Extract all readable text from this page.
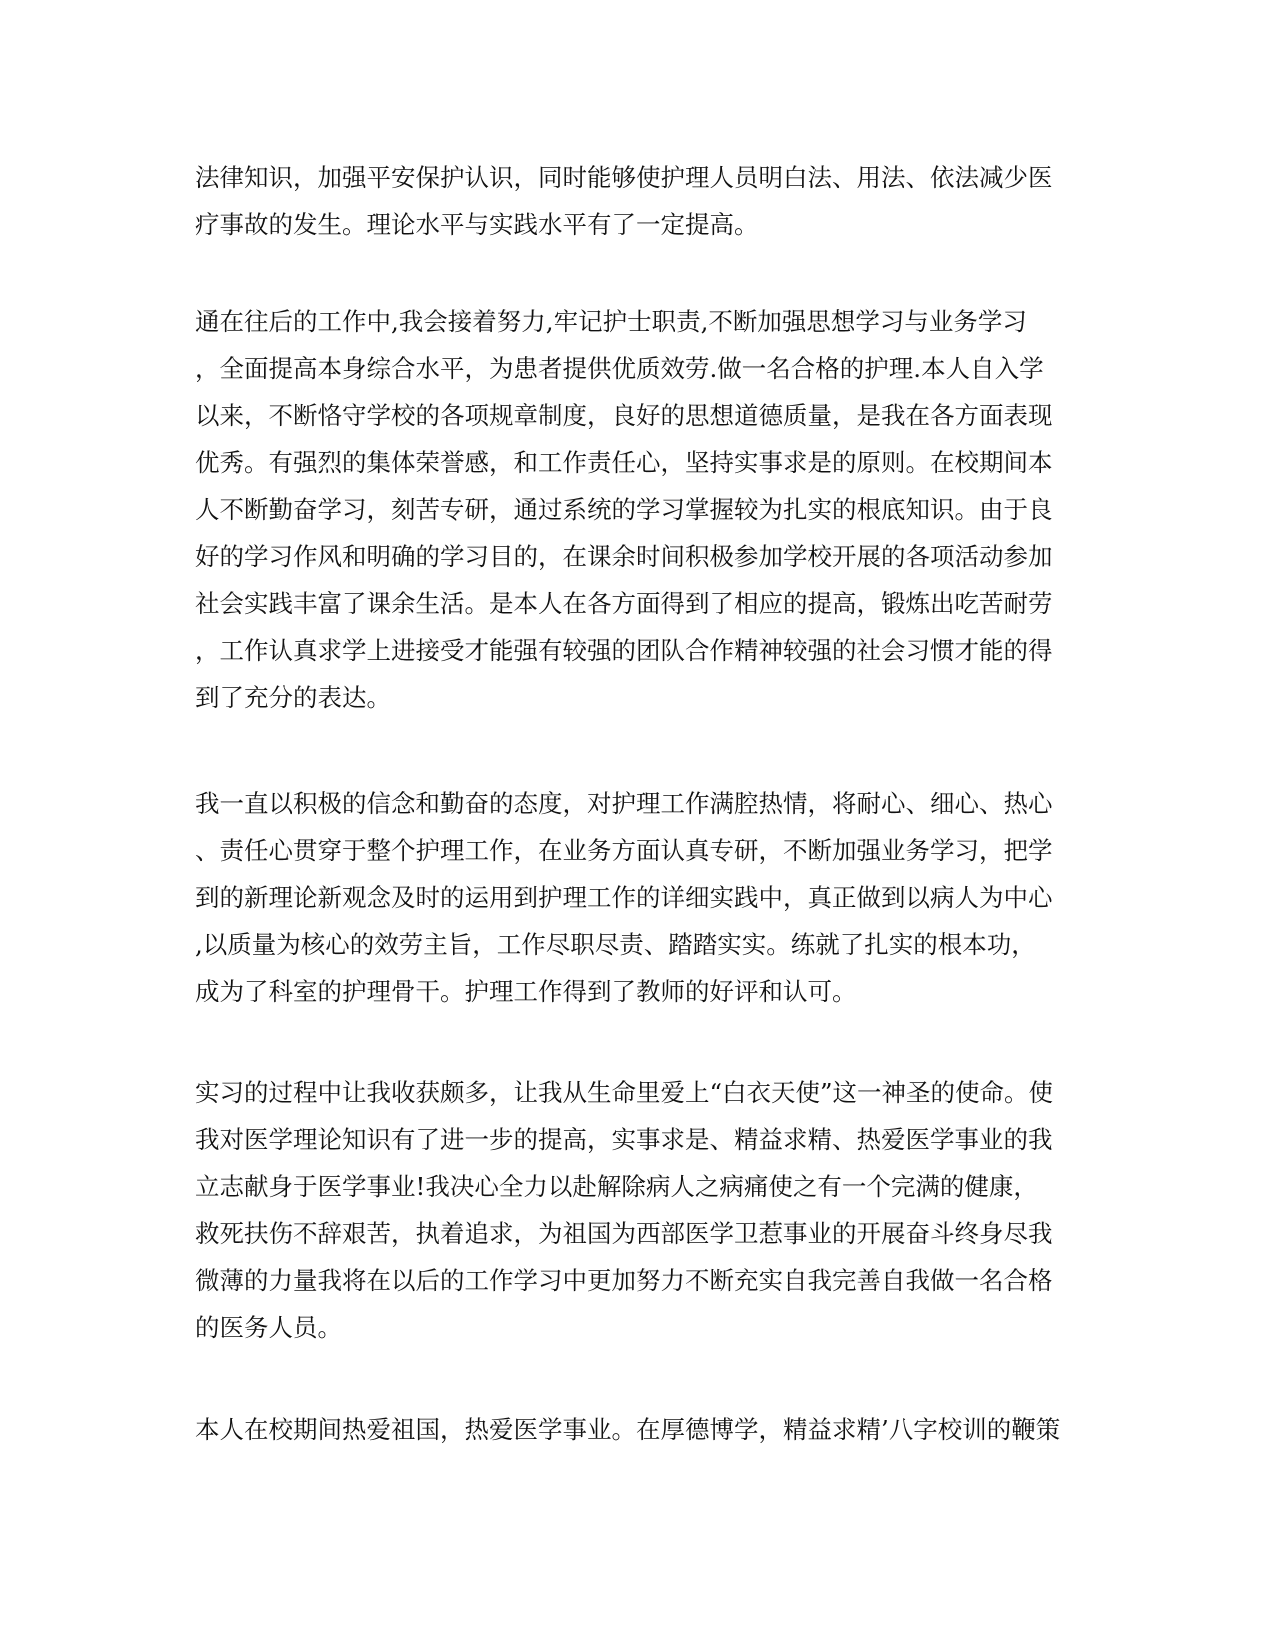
法律知识，加强平安保护认识，同时能够使护理人员明白法、用法、依法减少医
疗事故的发生。理论水平与实践水平有了一定提高。
通在往后的工作中,我会接着努力,牢记护士职责,不断加强思想学习与业务学习
，全面提高本身综合水平，为患者提供优质效劳.做一名合格的护理.本人自入学
以来，不断恪守学校的各项规章制度，良好的思想道德质量，是我在各方面表现
优秀。有强烈的集体荣誉感，和工作责任心，坚持实事求是的原则。在校期间本
人不断勤奋学习，刻苦专研，通过系统的学习掌握较为扎实的根底知识。由于良
好的学习作风和明确的学习目的，在课余时间积极参加学校开展的各项活动参加
社会实践丰富了课余生活。是本人在各方面得到了相应的提高，锻炼出吃苦耐劳
，工作认真求学上进接受才能强有较强的团队合作精神较强的社会习惯才能的得
到了充分的表达。
我一直以积极的信念和勤奋的态度，对护理工作满腔热情，将耐心、细心、热心
、责任心贯穿于整个护理工作，在业务方面认真专研，不断加强业务学习，把学
到的新理论新观念及时的运用到护理工作的详细实践中，真正做到以病人为中心
,以质量为核心的效劳主旨，工作尽职尽责、踏踏实实。练就了扎实的根本功，
成为了科室的护理骨干。护理工作得到了教师的好评和认可。
实习的过程中让我收获颇多，让我从生命里爱上“白衣天使”这一神圣的使命。使
我对医学理论知识有了进一步的提高，实事求是、精益求精、热爱医学事业的我
立志献身于医学事业!我决心全力以赴解除病人之病痛使之有一个完满的健康，
救死扶伤不辞艰苦，执着追求，为祖国为西部医学卫惹事业的开展奋斗终身尽我
微薄的力量我将在以后的工作学习中更加努力不断充实自我完善自我做一名合格
的医务人员。
本人在校期间热爱祖国，热爱医学事业。在厚德博学，精益求精’八字校训的鞭策
